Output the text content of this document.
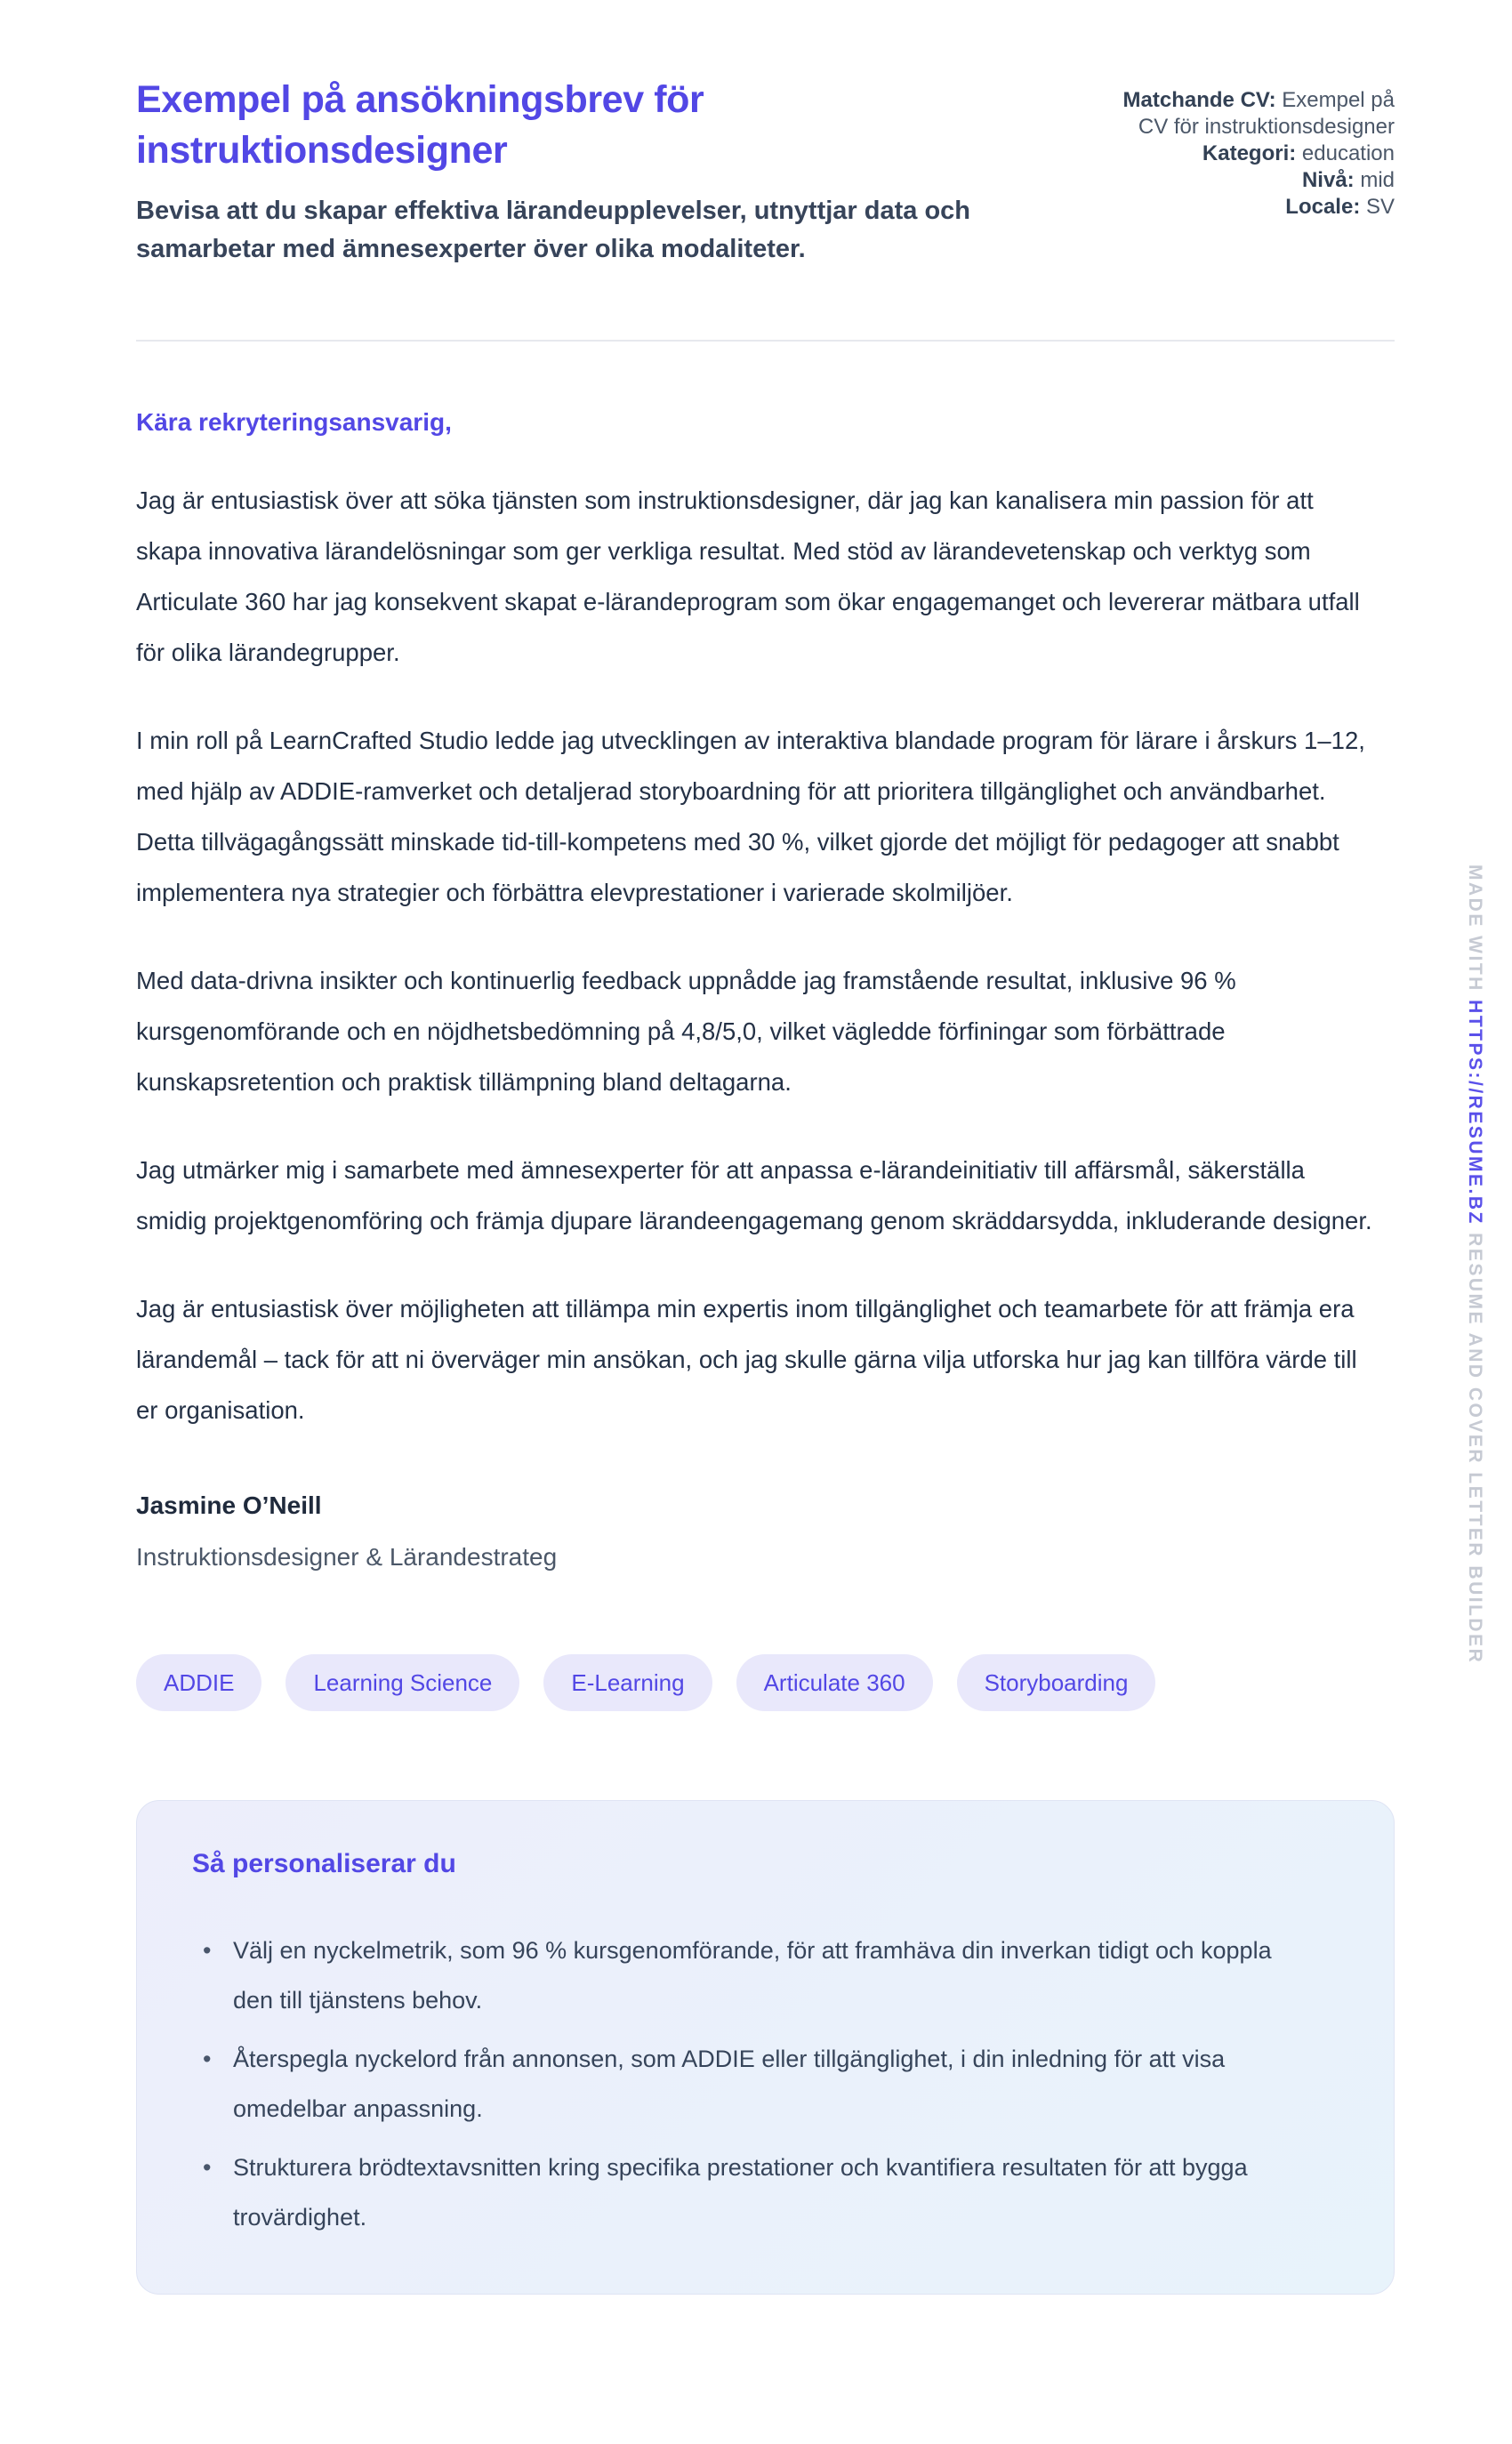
Exempel på ansökningsbrev för instruktionsdesigner

Bevisa att du skapar effektiva lärandeupplevelser, utnyttjar data och samarbetar med ämnesexperter över olika modaliteter.

Matchande CV: Exempel på CV för instruktionsdesigner

Kategori: education

Nivå: mid

Locale: SV

Kära rekryteringsansvarig,

Jag är entusiastisk över att söka tjänsten som instruktionsdesigner, där jag kan kanalisera min passion för att skapa innovativa lärandelösningar som ger verkliga resultat. Med stöd av lärandevetenskap och verktyg som Articulate 360 har jag konsekvent skapat e-lärandeprogram som ökar engagemanget och levererar mätbara utfall för olika lärandegrupper.

I min roll på LearnCrafted Studio ledde jag utvecklingen av interaktiva blandade program för lärare i årskurs 1–12, med hjälp av ADDIE-ramverket och detaljerad storyboardning för att prioritera tillgänglighet och användbarhet. Detta tillvägagångssätt minskade tid-till-kompetens med 30 %, vilket gjorde det möjligt för pedagoger att snabbt implementera nya strategier och förbättra elevprestationer i varierade skolmiljöer.

Med data-drivna insikter och kontinuerlig feedback uppnådde jag framstående resultat, inklusive 96 % kursgenomförande och en nöjdhetsbedömning på 4,8/5,0, vilket vägledde förfiningar som förbättrade kunskapsretention och praktisk tillämpning bland deltagarna.

Jag utmärker mig i samarbete med ämnesexperter för att anpassa e-lärandeinitiativ till affärsmål, säkerställa smidig projektgenomföring och främja djupare lärandeengagemang genom skräddarsydda, inkluderande designer.

Jag är entusiastisk över möjligheten att tillämpa min expertis inom tillgänglighet och teamarbete för att främja era lärandemål – tack för att ni överväger min ansökan, och jag skulle gärna vilja utforska hur jag kan tillföra värde till er organisation.

Jasmine O’Neill

Instruktionsdesigner & Lärandestrateg

ADDIE	Learning Science	E-Learning	Articulate 360	Storyboarding
Så personaliserar du
• Välj en nyckelmetrik, som 96 % kursgenomförande, för att framhäva din inverkan tidigt och koppla den till tjänstens behov.
• Återspegla nyckelord från annonsen, som ADDIE eller tillgänglighet, i din inledning för att visa omedelbar anpassning.
• Strukturera brödtextavsnitten kring specifika prestationer och kvantifiera resultaten för att bygga trovärdighet.
MADE WITH HTTPS://RESUME.BZ RESUME AND COVER LETTER BUILDER
